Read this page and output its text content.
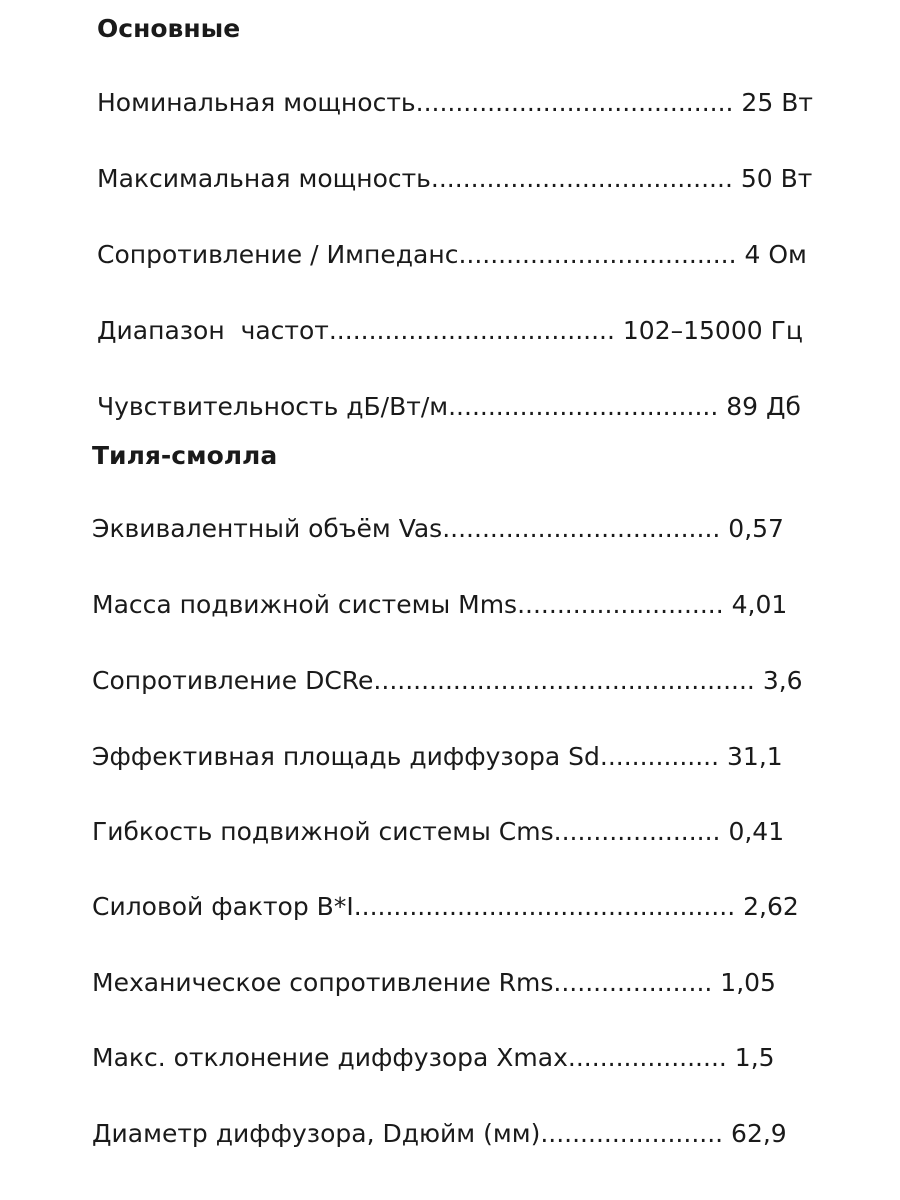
Основные

Номинальная мощность........................................ 25 Вт

Максимальная мощность...................................... 50 Вт

Сопротивление / Импеданс................................... 4 Ом

Диапазон  частот.................................... 102–15000 Гц

Чувствительность дБ/Вт/м.................................. 89 Дб

Тиля-смолла

Эквивалентный объём Vas................................... 0,57

Масса подвижной системы Mms.......................... 4,01

Сопротивление DCRe................................................ 3,6

Эффективная площадь диффузора Sd............... 31,1

Гибкость подвижной системы Cms..................... 0,41

Силовой фактор B*I................................................ 2,62

Механическое сопротивление Rms.................... 1,05

Макс. отклонение диффузора Xmax.................... 1,5

Диаметр диффузора, Dдюйм (мм)....................... 62,9
